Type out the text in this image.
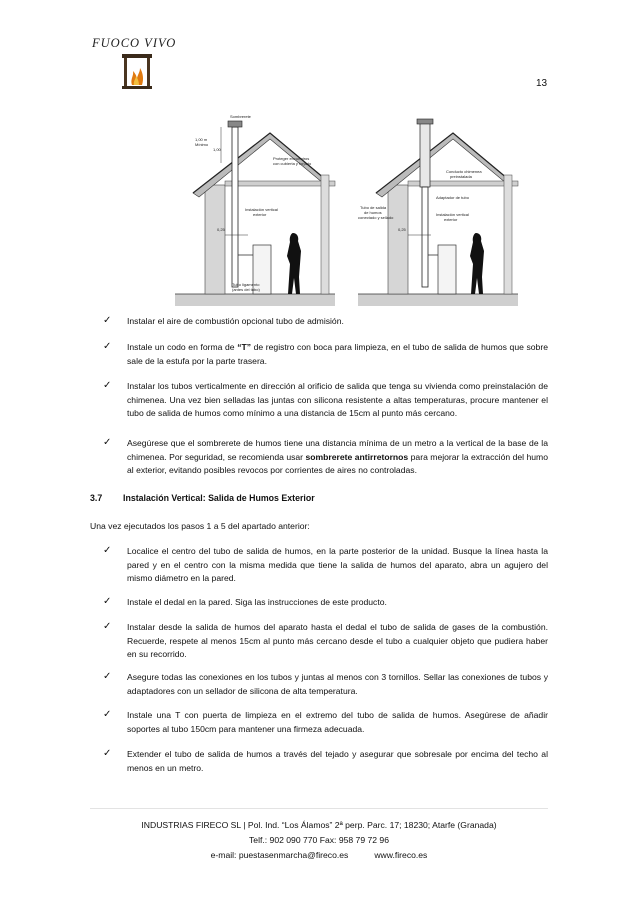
FUOCO VIVO
13
Sombrerete
1,00 m
Mínimo
1,00
Proteger encuentros
con cubierta y forjado
Instalación vertical
exterior
0,25
Tubo ligamento
(antes del tubo)
Conducto chimenea
preinstalada
Adaptador de tubo
Tubo de salida
de humos
conectado y sellado
Instalación vertical
exterior
0,25
✓ Instalar el aire de combustión opcional tubo de admisión.
✓ Instale un codo en forma de “T” de registro con boca para limpieza, en el tubo de salida de humos que sobre sale de la estufa por la parte trasera.
✓ Instalar los tubos verticalmente en dirección al orificio de salida que tenga su vivienda como preinstalación de chimenea. Una vez bien selladas las juntas con silicona resistente a altas temperaturas, procure mantener el tubo de salida de humos como mínimo a una distancia de 15cm al punto más cercano.
✓ Asegúrese que el sombrerete de humos tiene una distancia mínima de un metro a la vertical de la base de la chimenea. Por seguridad, se recomienda usar sombrerete antirretornos para mejorar la extracción del humo al exterior, evitando posibles revocos por corrientes de aires no controladas.
3.7 Instalación Vertical: Salida de Humos Exterior
Una vez ejecutados los pasos 1 a 5 del apartado anterior:
✓ Localice el centro del tubo de salida de humos, en la parte posterior de la unidad. Busque la línea hasta la pared y en el centro con la misma medida que tiene la salida de humos del aparato, abra un agujero del mismo diámetro en la pared.
✓ Instale el dedal en la pared. Siga las instrucciones de este producto.
✓ Instalar desde la salida de humos del aparato hasta el dedal el tubo de salida de gases de la combustión. Recuerde, respete al menos 15cm al punto más cercano desde el tubo a cualquier objeto que pudiera haber en su recorrido.
✓ Asegure todas las conexiones en los tubos y juntas al menos con 3 tornillos. Sellar las conexiones de tubos y adaptadores con un sellador de silicona de alta temperatura.
✓ Instale una T con puerta de limpieza en el extremo del tubo de salida de humos. Asegúrese de añadir soportes al tubo 150cm para mantener una firmeza adecuada.
✓ Extender el tubo de salida de humos a través del tejado y asegurar que sobresale por encima del techo al menos en un metro.
INDUSTRIAS FIRECO SL | Pol. Ind. “Los Álamos” 2ª perp. Parc. 17; 18230; Atarfe (Granada)
Telf.: 902 090 770 Fax: 958 79 72 96
e-mail: puestasenmarcha@fireco.es	www.fireco.es
